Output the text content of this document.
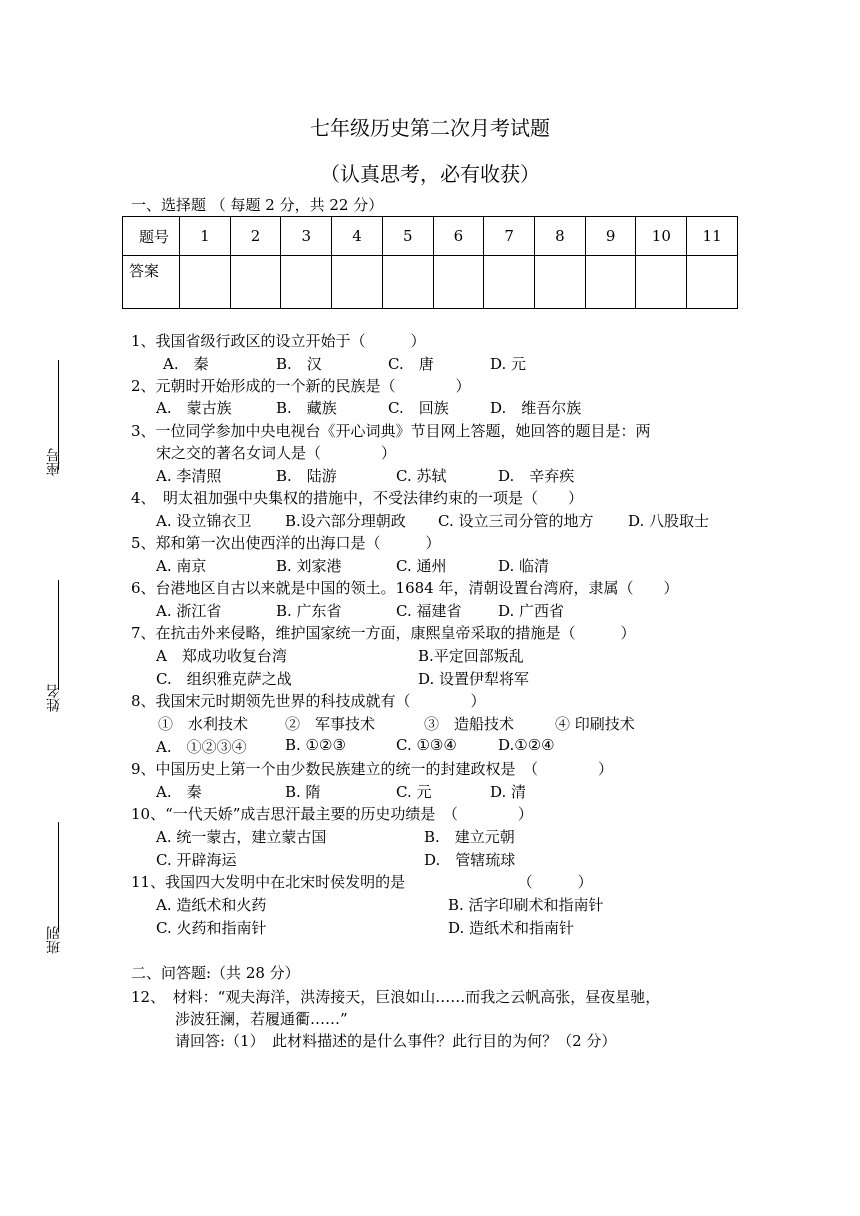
七年级历史第二次月考试题
（认真思考，必有收获）
一、选择题 （ 每题 2 分，共 22 分）
题号	1	2	3	4	5	6	7	8	9	10	11
答案											
座号
姓名
班别
1、我国省级行政区的设立开始于（　　　）
A.　秦	B.　汉	C.　唐	D. 元
2、元朝时开始形成的一个新的民族是（　　　　）
A.　蒙古族	B.　藏族	C.　回族	D.　维吾尔族
3、一位同学参加中央电视台《开心词典》节目网上答题，她回答的题目是：两
宋之交的著名女词人是（　　　　）
A. 李清照	B.　陆游	C. 苏轼	D.　辛弃疾
4、　明太祖加强中央集权的措施中，不受法律约束的一项是（　　）
A. 设立锦衣卫 B.设六部分理朝政 C. 设立三司分管的地方 D. 八股取士
5、郑和第一次出使西洋的出海口是（　　　）
A. 南京	B. 刘家港	C. 通州	D. 临清
6、台港地区自古以来就是中国的领土。1684 年，清朝设置台湾府，隶属（　　）
A. 浙江省	B. 广东省	C. 福建省 D. 广西省
7、在抗击外来侵略，维护国家统一方面，康熙皇帝采取的措施是（　　　）
A　郑成功收复台湾	B.平定回部叛乱
C.　组织雅克萨之战	D. 设置伊犁将军
8、我国宋元时期领先世界的科技成就有（　　　　）
①　水利技术 ②　军事技术	③　造船技术	④ 印刷技术
A.　①②③④	B. ①②③	C. ①③④	D.①②④
9、中国历史上第一个由少数民族建立的统一的封建政权是　（　　　　）
A.　秦	B. 隋	C. 元	D. 清
10、“一代天娇”成吉思汗最主要的历史功绩是　（　　　　）
A. 统一蒙古，建立蒙古国	B.　建立元朝
C. 开辟海运	D.　管辖琉球
11、我国四大发明中在北宋时侯发明的是　　　　　　　　（　　　）
A. 造纸术和火药	B. 活字印刷术和指南针
C. 火药和指南针	D. 造纸术和指南针
二、问答题:（共 28 分）
12、　材料：“观夫海洋，洪涛接天，巨浪如山……而我之云帆高张，昼夜星驰，
涉波狂澜，若履通衢……”
请回答:（1）　此材料描述的是什么事件？此行目的为何？（2 分）
